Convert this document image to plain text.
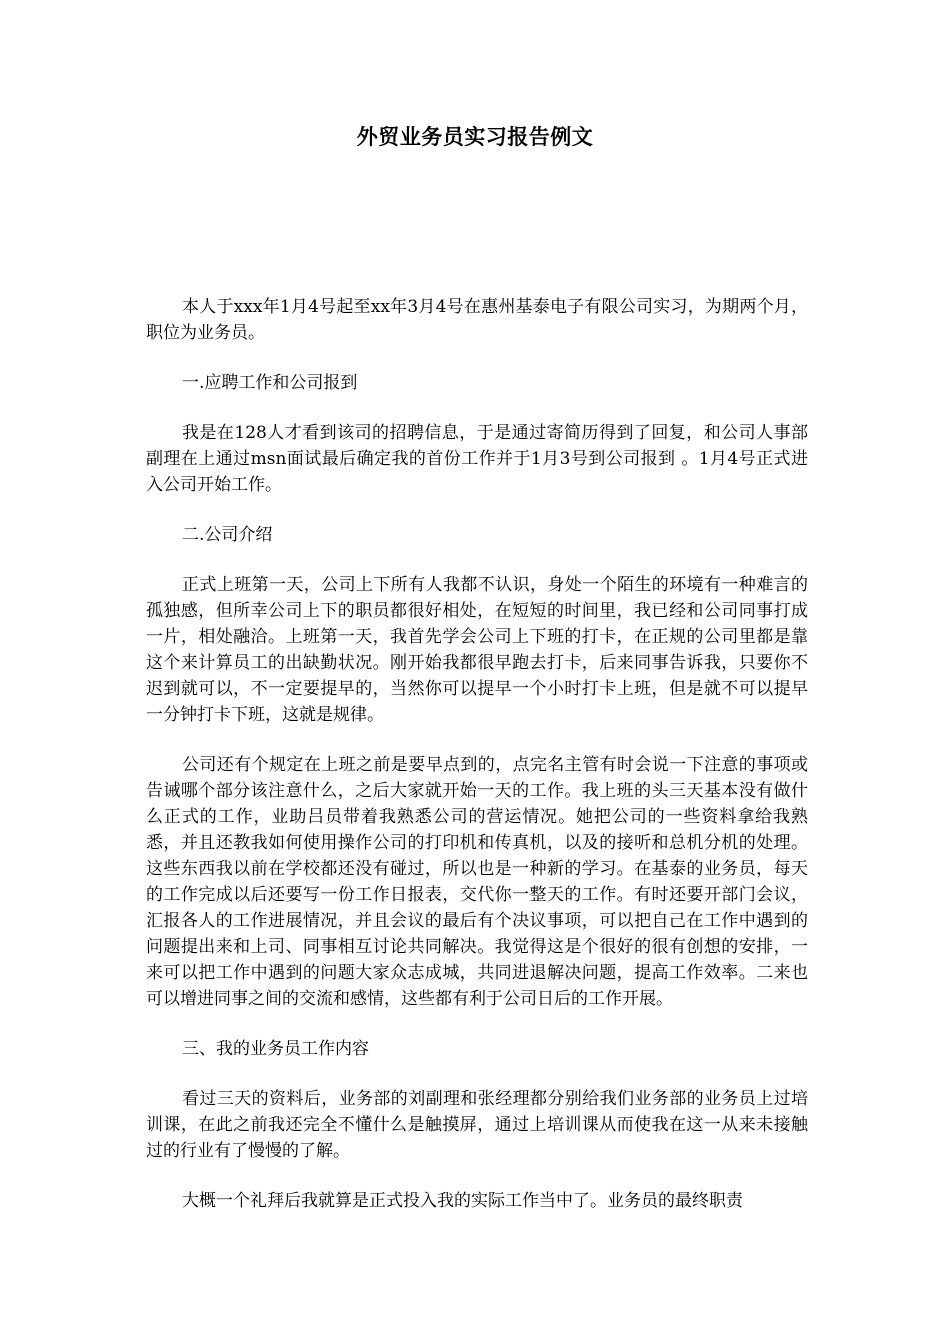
外贸业务员实习报告例文

本人于xxx年1月4号起至xx年3月4号在惠州基泰电子有限公司实习，为期两个月，职位为业务员。

一.应聘工作和公司报到

我是在128人才看到该司的招聘信息，于是通过寄简历得到了回复，和公司人事部副理在上通过msn面试最后确定我的首份工作并于1月3号到公司报到 。1月4号正式进入公司开始工作。

二.公司介绍

正式上班第一天，公司上下所有人我都不认识，身处一个陌生的环境有一种难言的孤独感，但所幸公司上下的职员都很好相处，在短短的时间里，我已经和公司同事打成一片，相处融洽。上班第一天，我首先学会公司上下班的打卡，在正规的公司里都是靠这个来计算员工的出缺勤状况。刚开始我都很早跑去打卡，后来同事告诉我，只要你不迟到就可以，不一定要提早的，当然你可以提早一个小时打卡上班，但是就不可以提早一分钟打卡下班，这就是规律。

公司还有个规定在上班之前是要早点到的，点完名主管有时会说一下注意的事项或告诫哪个部分该注意什么，之后大家就开始一天的工作。我上班的头三天基本没有做什么正式的工作，业助吕员带着我熟悉公司的营运情况。她把公司的一些资料拿给我熟悉，并且还教我如何使用操作公司的打印机和传真机，以及的接听和总机分机的处理。这些东西我以前在学校都还没有碰过，所以也是一种新的学习。在基泰的业务员，每天的工作完成以后还要写一份工作日报表，交代你一整天的工作。有时还要开部门会议，汇报各人的工作进展情况，并且会议的最后有个决议事项，可以把自己在工作中遇到的问题提出来和上司、同事相互讨论共同解决。我觉得这是个很好的很有创想的安排，一来可以把工作中遇到的问题大家众志成城，共同进退解决问题，提高工作效率。二来也可以增进同事之间的交流和感情，这些都有利于公司日后的工作开展。

三、我的业务员工作内容

看过三天的资料后，业务部的刘副理和张经理都分别给我们业务部的业务员上过培训课，在此之前我还完全不懂什么是触摸屏，通过上培训课从而使我在这一从来未接触过的行业有了慢慢的了解。

大概一个礼拜后我就算是正式投入我的实际工作当中了。业务员的最终职责
